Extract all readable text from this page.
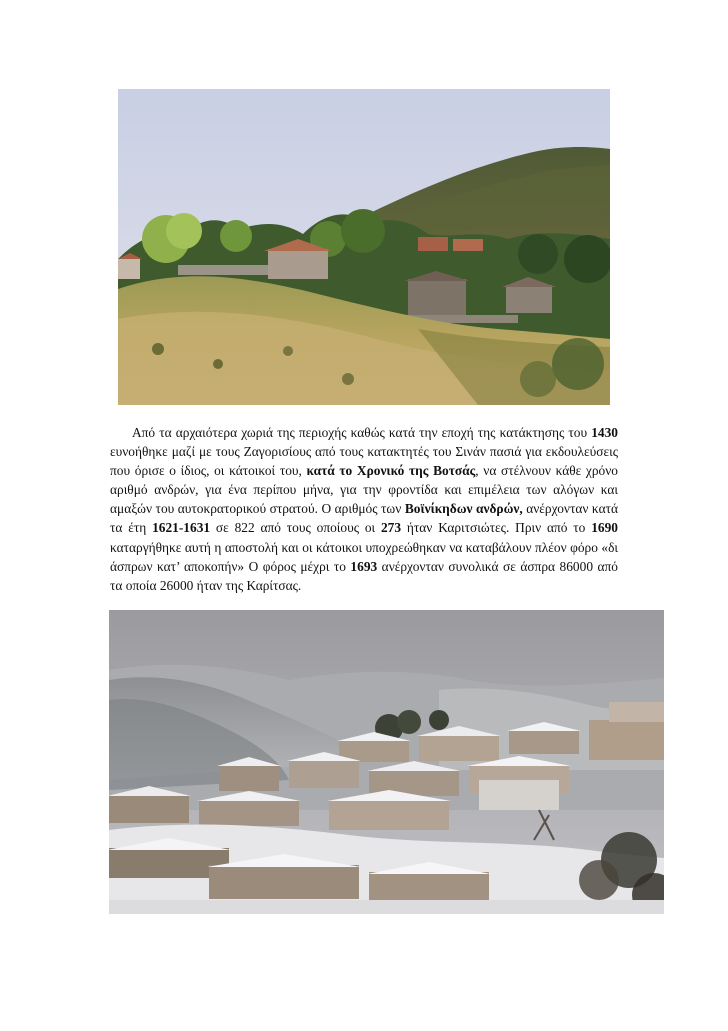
Από τα αρχαιότερα χωριά της περιοχής καθώς κατά την εποχή της κατάκτησης του 1430 ευνοήθηκε μαζί με τους Ζαγορισίους από τους κατακτητές του Σινάν πασιά για εκδουλεύσεις που όρισε ο ίδιος, οι κάτοικοί του, κατά το Χρονικό της Βοτσάς, να στέλνουν κάθε χρόνο αριθμό ανδρών, για ένα περίπου μήνα, για την φροντίδα και επιμέλεια των αλόγων και αμαξών του αυτοκρατορικού στρατού. Ο αριθμός των Βοϊνίκηδων ανδρών, ανέρχονταν κατά τα έτη 1621-1631 σε 822 από τους οποίους οι 273 ήταν Καριτσιώτες. Πριν από το 1690 καταργήθηκε αυτή η αποστολή και οι κάτοικοι υποχρεώθηκαν να καταβάλουν πλέον φόρο «δι άσπρων κατ’ αποκοπήν» Ο φόρος μέχρι το 1693 ανέρχονταν συνολικά σε άσπρα 86000 από τα οποία 26000 ήταν της Καρίτσας.
